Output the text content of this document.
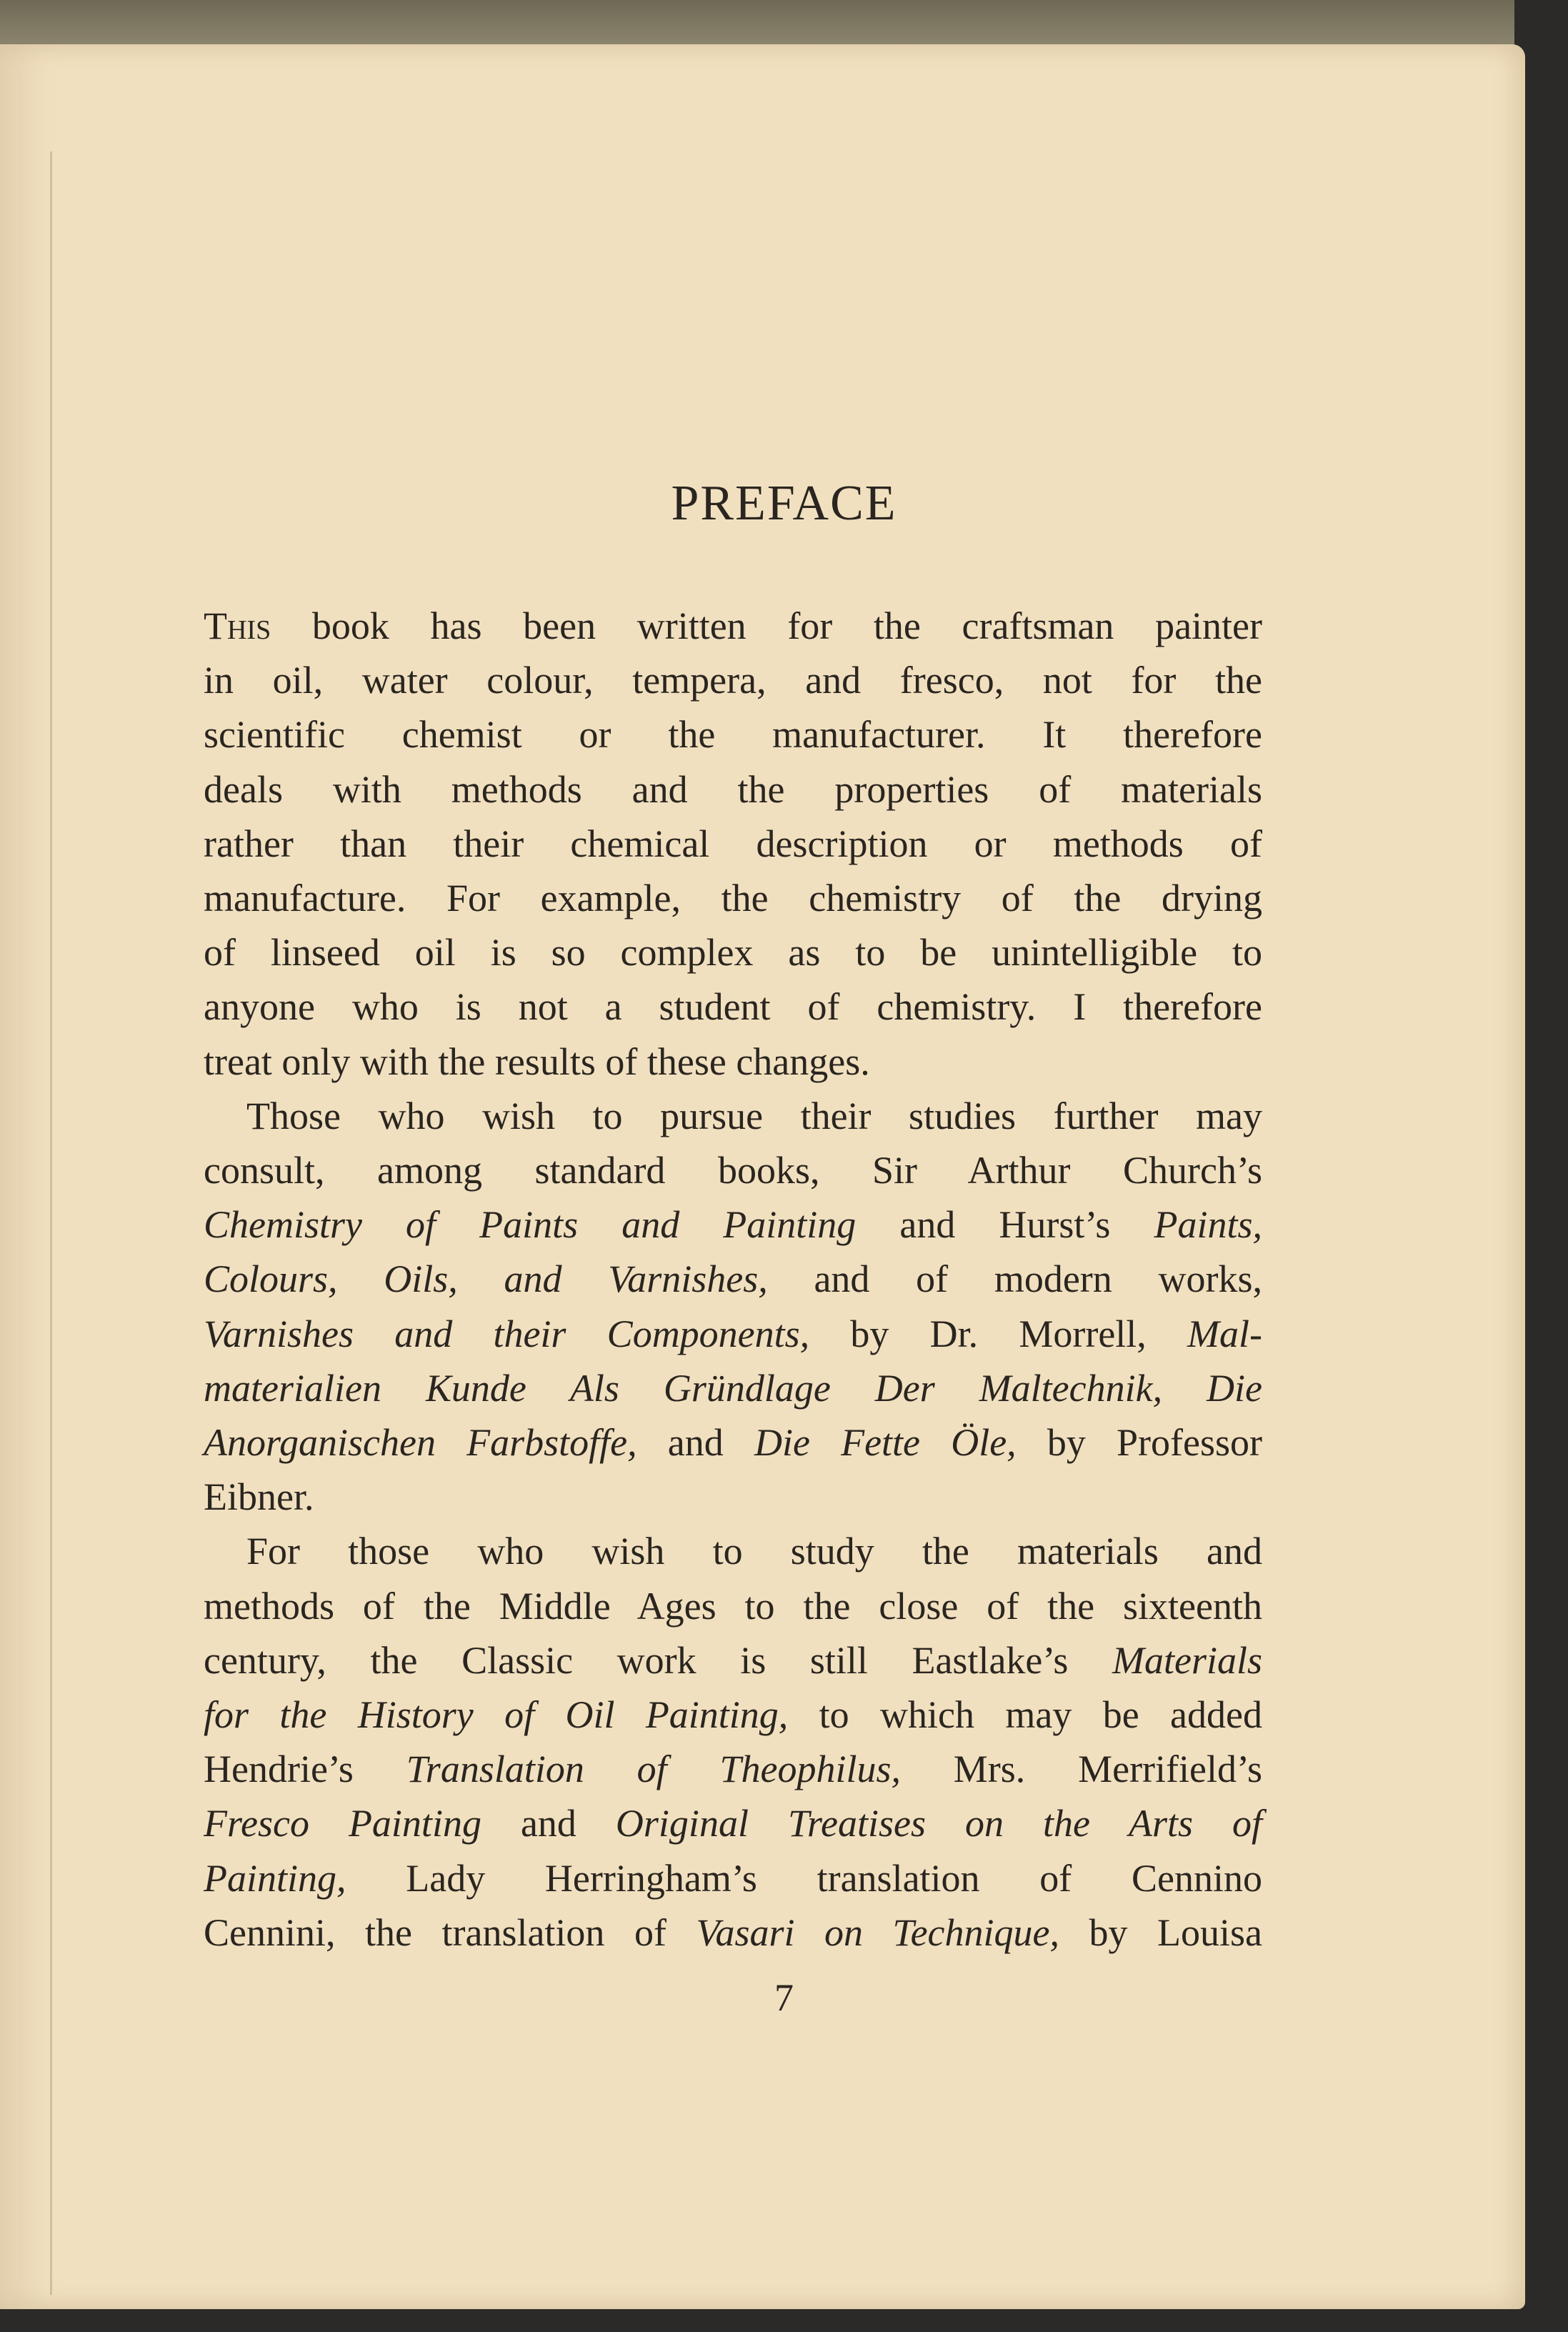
PREFACE
This book has been written for the craftsman painter
in oil, water colour, tempera, and fresco, not for the
scientific chemist or the manufacturer. It therefore
deals with methods and the properties of materials
rather than their chemical description or methods of
manufacture. For example, the chemistry of the drying
of linseed oil is so complex as to be unintelligible to
anyone who is not a student of chemistry. I therefore
treat only with the results of these changes.
Those who wish to pursue their studies further may
consult, among standard books, Sir Arthur Church’s
Chemistry of Paints and Painting and Hurst’s Paints,
Colours, Oils, and Varnishes, and of modern works,
Varnishes and their Components, by Dr. Morrell, Mal-
materialien Kunde Als Gründlage Der Maltechnik, Die
Anorganischen Farbstoffe, and Die Fette Öle, by Professor
Eibner.
For those who wish to study the materials and
methods of the Middle Ages to the close of the sixteenth
century, the Classic work is still Eastlake’s Materials
for the History of Oil Painting, to which may be added
Hendrie’s Translation of Theophilus, Mrs. Merrifield’s
Fresco Painting and Original Treatises on the Arts of
Painting, Lady Herringham’s translation of Cennino
Cennini, the translation of Vasari on Technique, by Louisa
7
